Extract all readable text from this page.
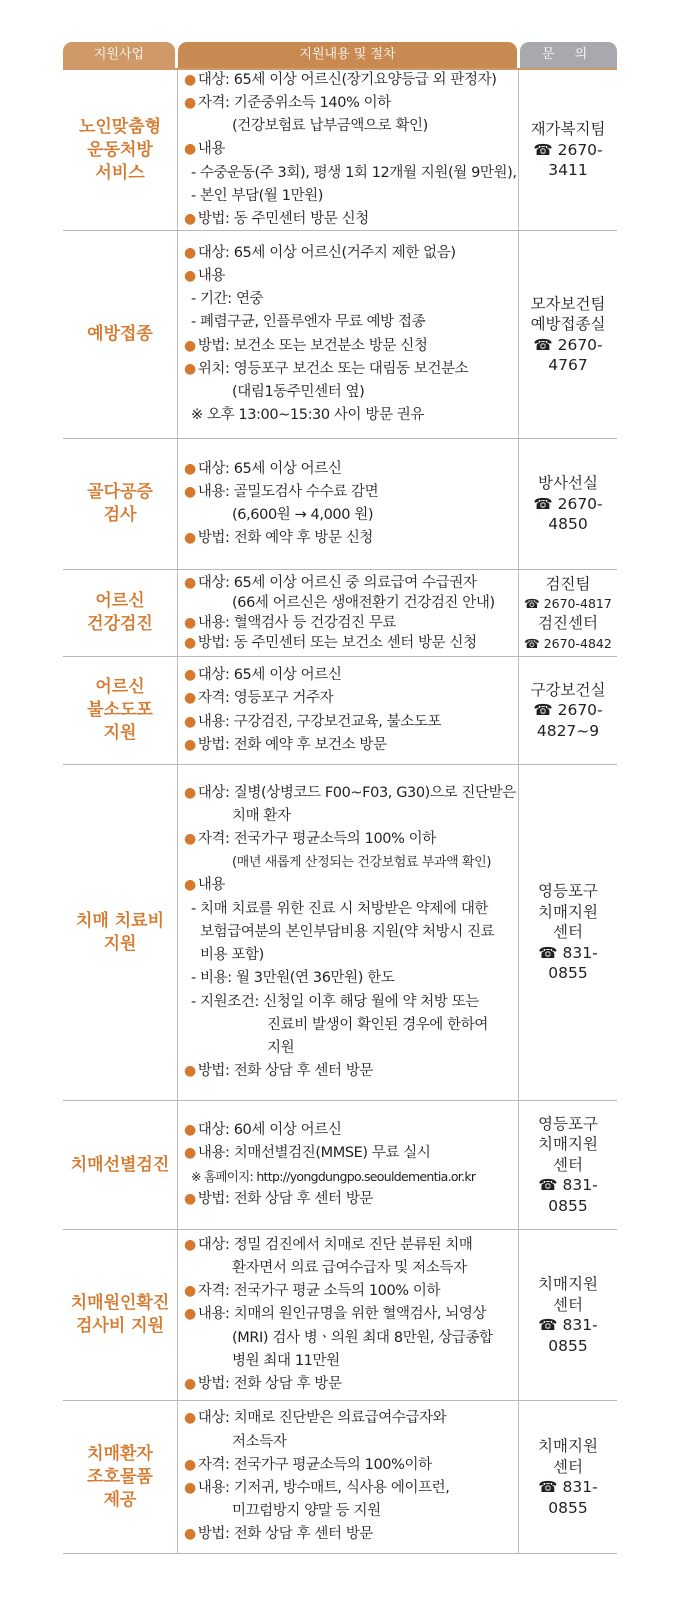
지원사업	지원내용 및 절차	문 의
노인맞춤형
운동처방
서비스
● 대상: 65세 이상 어르신(장기요양등급 외 판정자)
● 자격: 기준중위소득 140% 이하
(건강보험료 납부금액으로 확인)
● 내용
- 수중운동(주 3회), 평생 1회 12개월 지원(월 9만원),
- 본인 부담(월 1만원)
● 방법: 동 주민센터 방문 신청
재가복지팀
☎ 2670-
3411
예방접종
● 대상: 65세 이상 어르신(거주지 제한 없음)
● 내용
- 기간: 연중
- 폐렴구균, 인플루엔자 무료 예방 접종
● 방법: 보건소 또는 보건분소 방문 신청
● 위치: 영등포구 보건소 또는 대림동 보건분소
(대림1동주민센터 옆)
※ 오후 13:00~15:30 사이 방문 권유
모자보건팀
예방접종실
☎ 2670-
4767
골다공증
검사
● 대상: 65세 이상 어르신
● 내용: 골밀도검사 수수료 감면
(6,600원 → 4,000 원)
● 방법: 전화 예약 후 방문 신청
방사선실
☎ 2670-
4850
어르신
건강검진
● 대상: 65세 이상 어르신 중 의료급여 수급권자
(66세 어르신은 생애전환기 건강검진 안내)
● 내용: 혈액검사 등 건강검진 무료
● 방법: 동 주민센터 또는 보건소 센터 방문 신청
검진팀
☎ 2670-4817
검진센터
☎ 2670-4842
어르신
불소도포
지원
● 대상: 65세 이상 어르신
● 자격: 영등포구 거주자
● 내용: 구강검진, 구강보건교육, 불소도포
● 방법: 전화 예약 후 보건소 방문
구강보건실
☎ 2670-
4827~9
치매 치료비
지원
● 대상: 질병(상병코드 F00~F03, G30)으로 진단받은
치매 환자
● 자격: 전국가구 평균소득의 100% 이하
(매년 새롭게 산정되는 건강보험료 부과액 확인)
● 내용
- 치매 치료를 위한 진료 시 처방받은 약제에 대한
보험급여분의 본인부담비용 지원(약 처방시 진료
비용 포함)
- 비용: 월 3만원(연 36만원) 한도
- 지원조건: 신청일 이후 해당 월에 약 처방 또는
진료비 발생이 확인된 경우에 한하여
지원
● 방법: 전화 상담 후 센터 방문
영등포구
치매지원
센터
☎ 831-
0855
치매선별검진
● 대상: 60세 이상 어르신
● 내용: 치매선별검진(MMSE) 무료 실시
※ 홈페이지: http://yongdungpo.seouldementia.or.kr
● 방법: 전화 상담 후 센터 방문
영등포구
치매지원
센터
☎ 831-
0855
치매원인확진
검사비 지원
● 대상: 정밀 검진에서 치매로 진단 분류된 치매
환자면서 의료 급여수급자 및 저소득자
● 자격: 전국가구 평균 소득의 100% 이하
● 내용: 치매의 원인규명을 위한 혈액검사, 뇌영상
(MRI) 검사 병ㆍ의원 최대 8만원, 상급종합
병원 최대 11만원
● 방법: 전화 상담 후 방문
치매지원
센터
☎ 831-
0855
치매환자
조호물품
제공
● 대상: 치매로 진단받은 의료급여수급자와
저소득자
● 자격: 전국가구 평균소득의 100%이하
● 내용: 기저귀, 방수매트, 식사용 에이프런,
미끄럼방지 양말 등 지원
● 방법: 전화 상담 후 센터 방문
치매지원
센터
☎ 831-
0855
